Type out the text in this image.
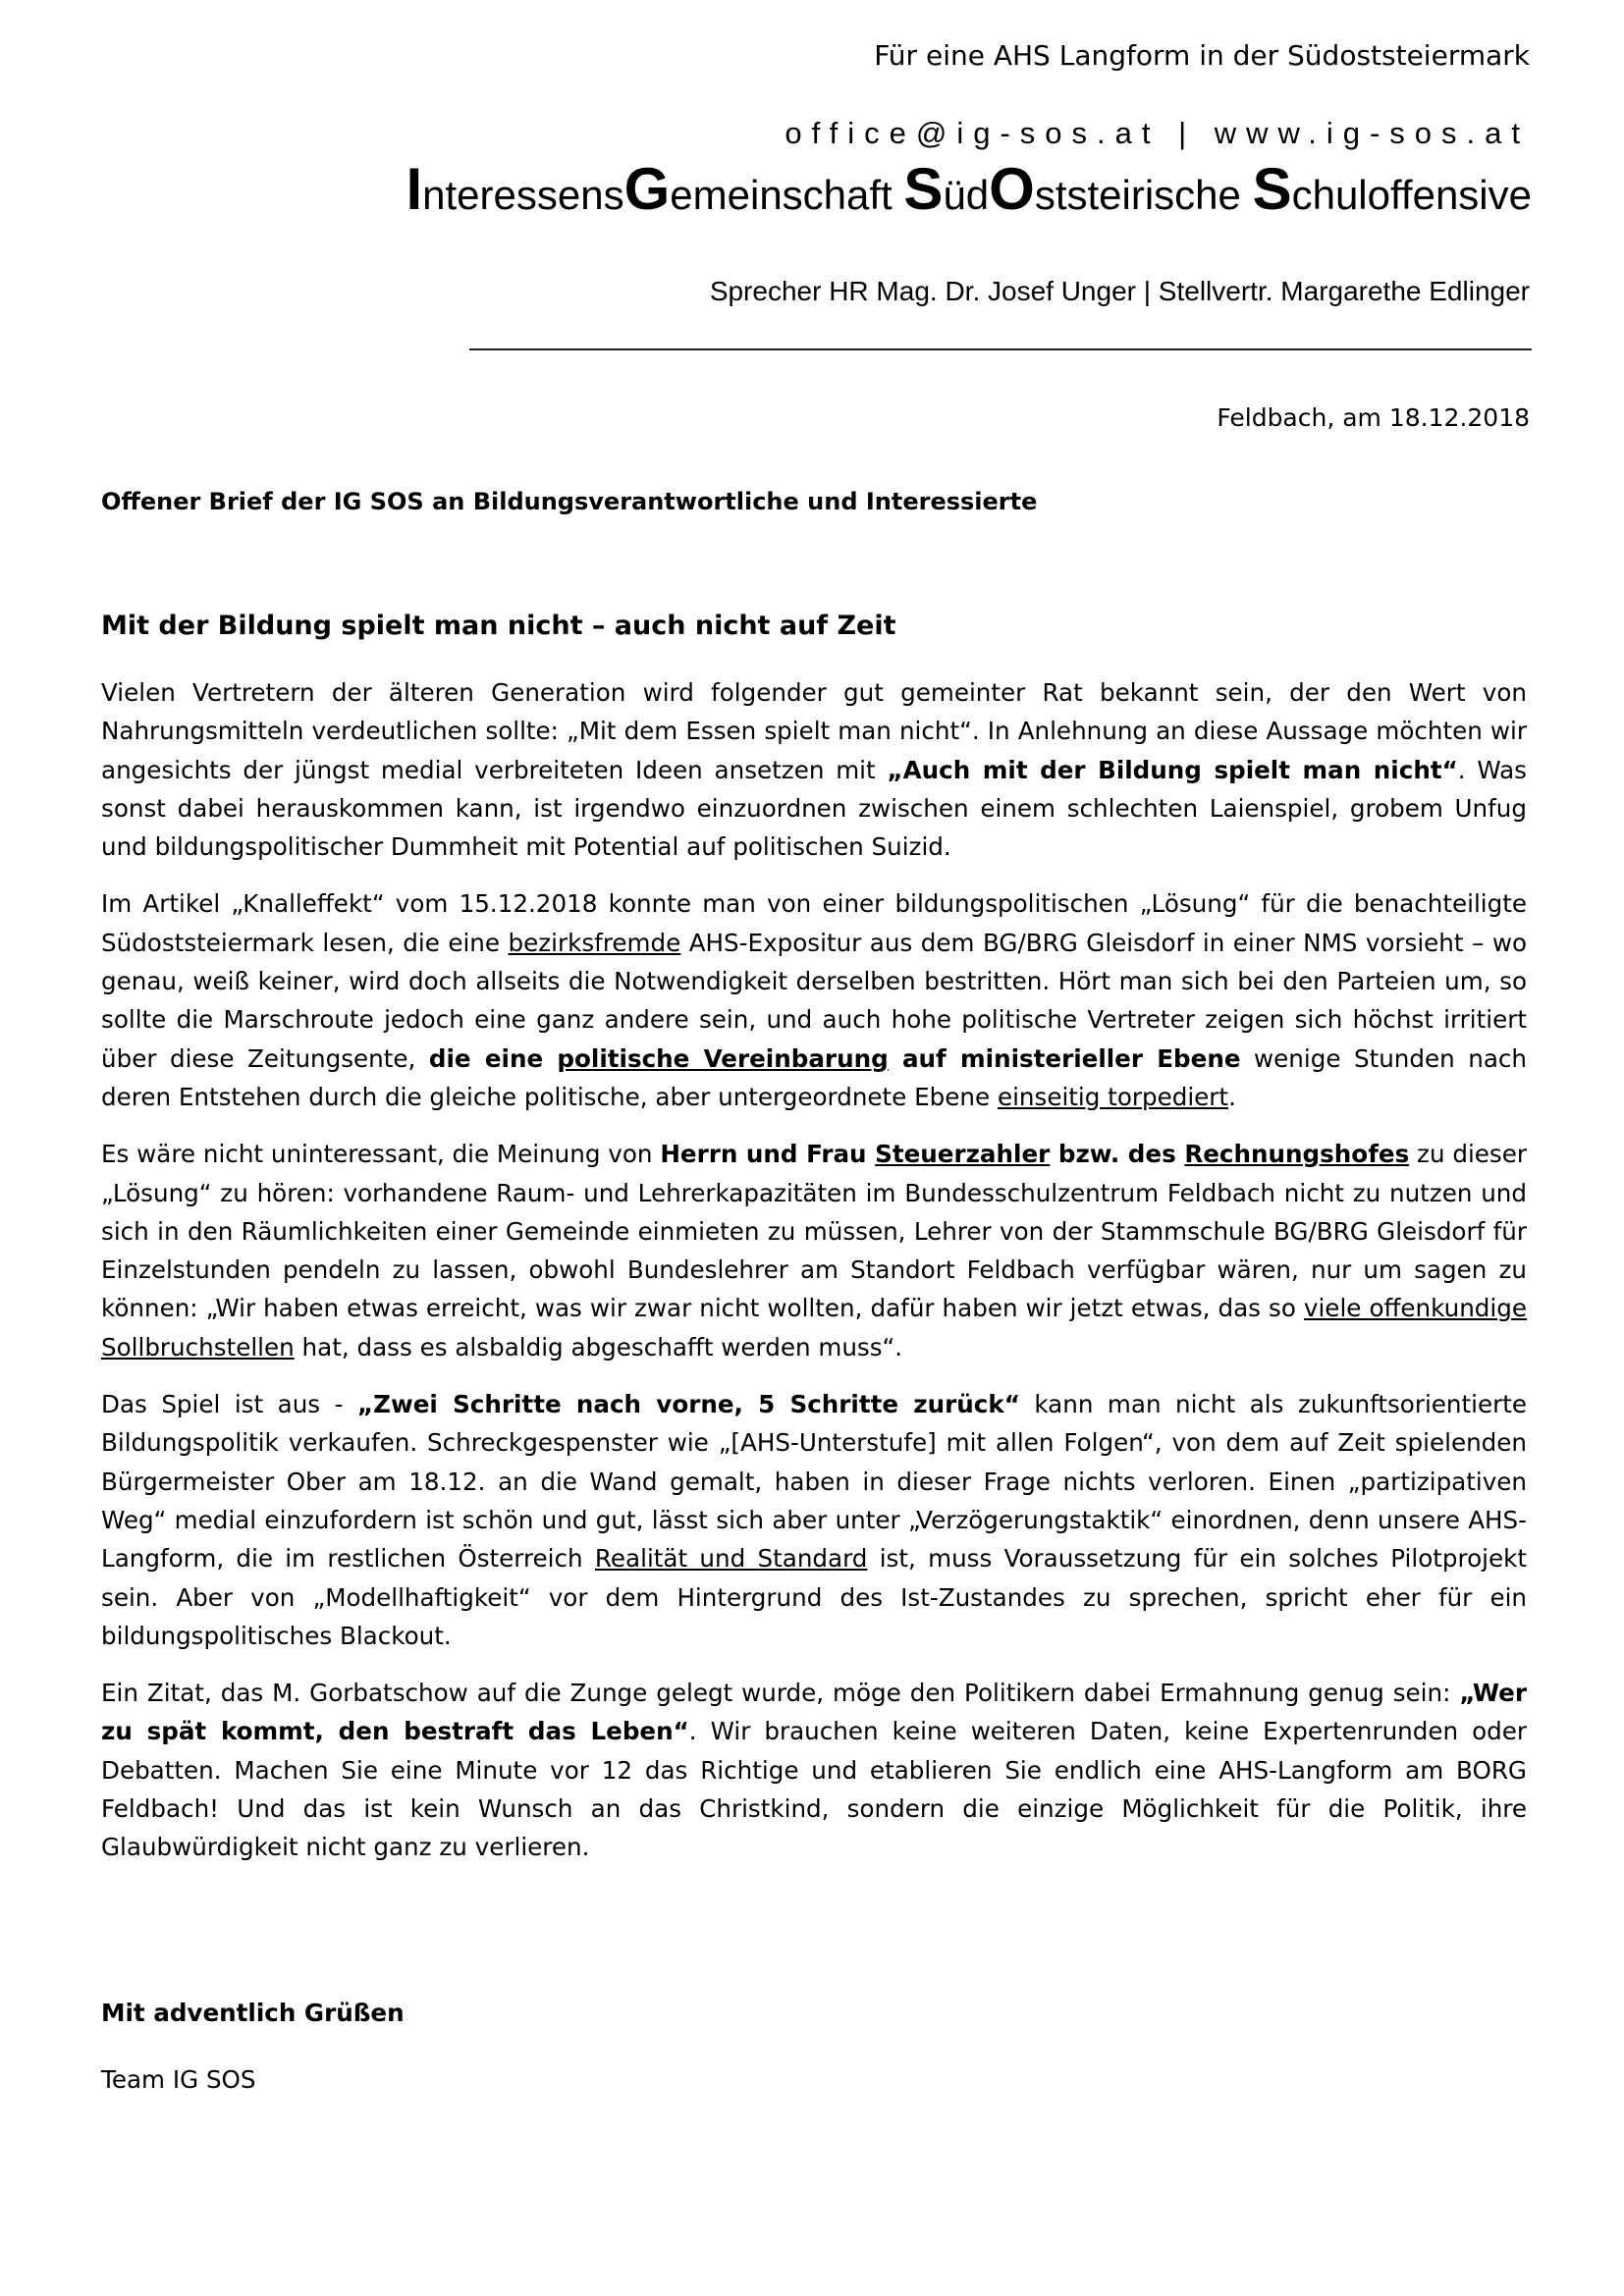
Für eine AHS Langform in der Südoststeiermark
office@ig-sos.at | www.ig-sos.at
InteressensGemeinschaft SüdOststeirische Schuloffensive
Sprecher HR Mag. Dr. Josef Unger | Stellvertr. Margarethe Edlinger
Feldbach, am 18.12.2018
Offener Brief der IG SOS an Bildungsverantwortliche und Interessierte
Mit der Bildung spielt man nicht – auch nicht auf Zeit

Vielen Vertretern der älteren Generation wird folgender gut gemeinter Rat bekannt sein, der den Wert von Nahrungsmitteln verdeutlichen sollte: „Mit dem Essen spielt man nicht“. In Anlehnung an diese Aussage möchten wir angesichts der jüngst medial verbreiteten Ideen ansetzen mit „Auch mit der Bildung spielt man nicht“. Was sonst dabei herauskommen kann, ist irgendwo einzuordnen zwischen einem schlechten Laienspiel, grobem Unfug und bildungspolitischer Dummheit mit Potential auf politischen Suizid.

Im Artikel „Knalleffekt“ vom 15.12.2018 konnte man von einer bildungspolitischen „Lösung“ für die benachteiligte Südoststeiermark lesen, die eine bezirksfremde AHS-Expositur aus dem BG/BRG Gleisdorf in einer NMS vorsieht – wo genau, weiß keiner, wird doch allseits die Notwendigkeit derselben bestritten. Hört man sich bei den Parteien um, so sollte die Marschroute jedoch eine ganz andere sein, und auch hohe politische Vertreter zeigen sich höchst irritiert über diese Zeitungsente, die eine politische Vereinbarung auf ministerieller Ebene wenige Stunden nach deren Entstehen durch die gleiche politische, aber untergeordnete Ebene einseitig torpediert.

Es wäre nicht uninteressant, die Meinung von Herrn und Frau Steuerzahler bzw. des Rechnungshofes zu dieser „Lösung“ zu hören: vorhandene Raum- und Lehrerkapazitäten im Bundesschulzentrum Feldbach nicht zu nutzen und sich in den Räumlichkeiten einer Gemeinde einmieten zu müssen, Lehrer von der Stammschule BG/BRG Gleisdorf für Einzelstunden pendeln zu lassen, obwohl Bundeslehrer am Standort Feldbach verfügbar wären, nur um sagen zu können: „Wir haben etwas erreicht, was wir zwar nicht wollten, dafür haben wir jetzt etwas, das so viele offenkundige Sollbruchstellen hat, dass es alsbaldig abgeschafft werden muss“.

Das Spiel ist aus - „Zwei Schritte nach vorne, 5 Schritte zurück“ kann man nicht als zukunftsorientierte Bildungspolitik verkaufen. Schreckgespenster wie „[AHS-Unterstufe] mit allen Folgen“, von dem auf Zeit spielenden Bürgermeister Ober am 18.12. an die Wand gemalt, haben in dieser Frage nichts verloren. Einen „partizipativen Weg“ medial einzufordern ist schön und gut, lässt sich aber unter „Verzögerungstaktik“ einordnen, denn unsere AHS-Langform, die im restlichen Österreich Realität und Standard ist, muss Voraussetzung für ein solches Pilotprojekt sein. Aber von „Modellhaftigkeit“ vor dem Hintergrund des Ist-Zustandes zu sprechen, spricht eher für ein bildungspolitisches Blackout.

Ein Zitat, das M. Gorbatschow auf die Zunge gelegt wurde, möge den Politikern dabei Ermahnung genug sein: „Wer zu spät kommt, den bestraft das Leben“. Wir brauchen keine weiteren Daten, keine Expertenrunden oder Debatten. Machen Sie eine Minute vor 12 das Richtige und etablieren Sie endlich eine AHS-Langform am BORG Feldbach! Und das ist kein Wunsch an das Christkind, sondern die einzige Möglichkeit für die Politik, ihre Glaubwürdigkeit nicht ganz zu verlieren.

Mit adventlich Grüßen
Team IG SOS
